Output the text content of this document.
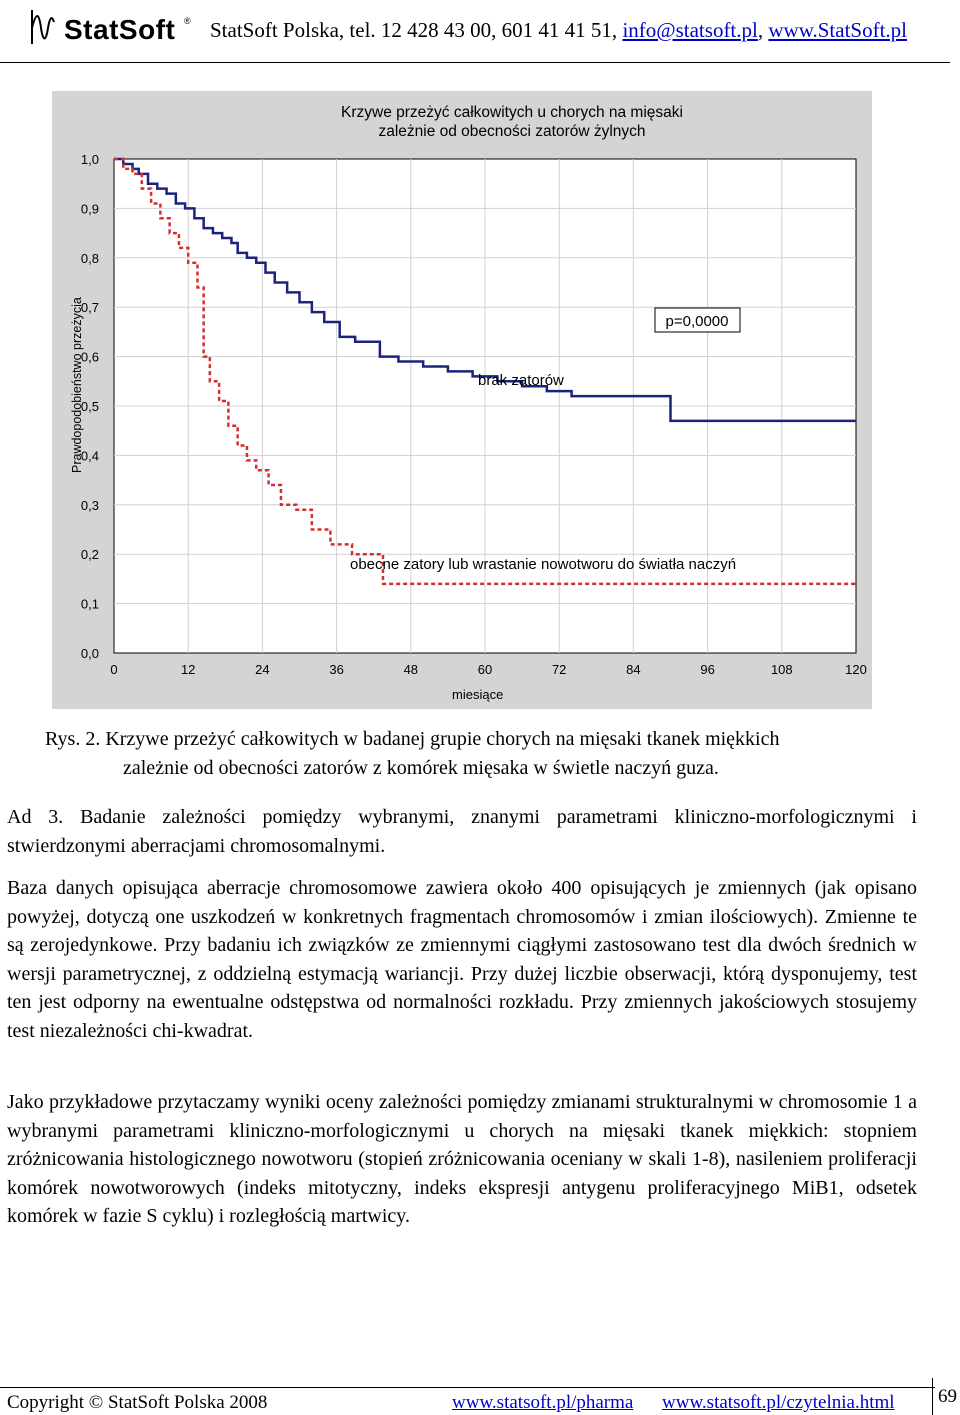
StatSoft ® StatSoft Polska, tel. 12 428 43 00, 601 41 41 51, info@statsoft.pl, www.StatSoft.pl
Krzywe przeżyć całkowitych u chorych na mięsaki
zależnie od obecności zatorów żylnych
Prawdopodobieństwo przeżycia
miesiące
0	12	24	36	48	60	72	84	96	108	120
0,0
0,1
0,2
0,3
0,4
0,5
0,6
0,7
0,8
0,9
1,0
p=0,0000
brak zatorów
obecne zatory lub wrastanie nowotworu do światła naczyń
Rys. 2. Krzywe przeżyć całkowitych w badanej grupie chorych na mięsaki tkanek miękkich
zależnie od obecności zatorów z komórek mięsaka w świetle naczyń guza.
Ad 3. Badanie zależności pomiędzy wybranymi, znanymi parametrami kliniczno-morfologicznymi i stwierdzonymi aberracjami chromosomalnymi.
Baza danych opisująca aberracje chromosomowe zawiera około 400 opisujących je zmiennych (jak opisano powyżej, dotyczą one uszkodzeń w konkretnych fragmentach chromosomów i zmian ilościowych). Zmienne te są zerojedynkowe. Przy badaniu ich związków ze zmiennymi ciągłymi zastosowano test dla dwóch średnich w wersji parametrycznej, z oddzielną estymacją wariancji. Przy dużej liczbie obserwacji, którą dysponujemy, test ten jest odporny na ewentualne odstępstwa od normalności rozkładu. Przy zmiennych jakościowych stosujemy test niezależności chi-kwadrat.
Jako przykładowe przytaczamy wyniki oceny zależności pomiędzy zmianami strukturalnymi w chromosomie 1 a wybranymi parametrami kliniczno-morfologicznymi u chorych na mięsaki tkanek miękkich: stopniem zróżnicowania histologicznego nowotworu (stopień zróżnicowania oceniany w skali 1-8), nasileniem proliferacji komórek nowotworowych (indeks mitotyczny, indeks ekspresji antygenu proliferacyjnego MiB1, odsetek komórek w fazie S cyklu) i rozległością martwicy.
Copyright © StatSoft Polska 2008	www.statsoft.pl/pharma www.statsoft.pl/czytelnia.html 69
